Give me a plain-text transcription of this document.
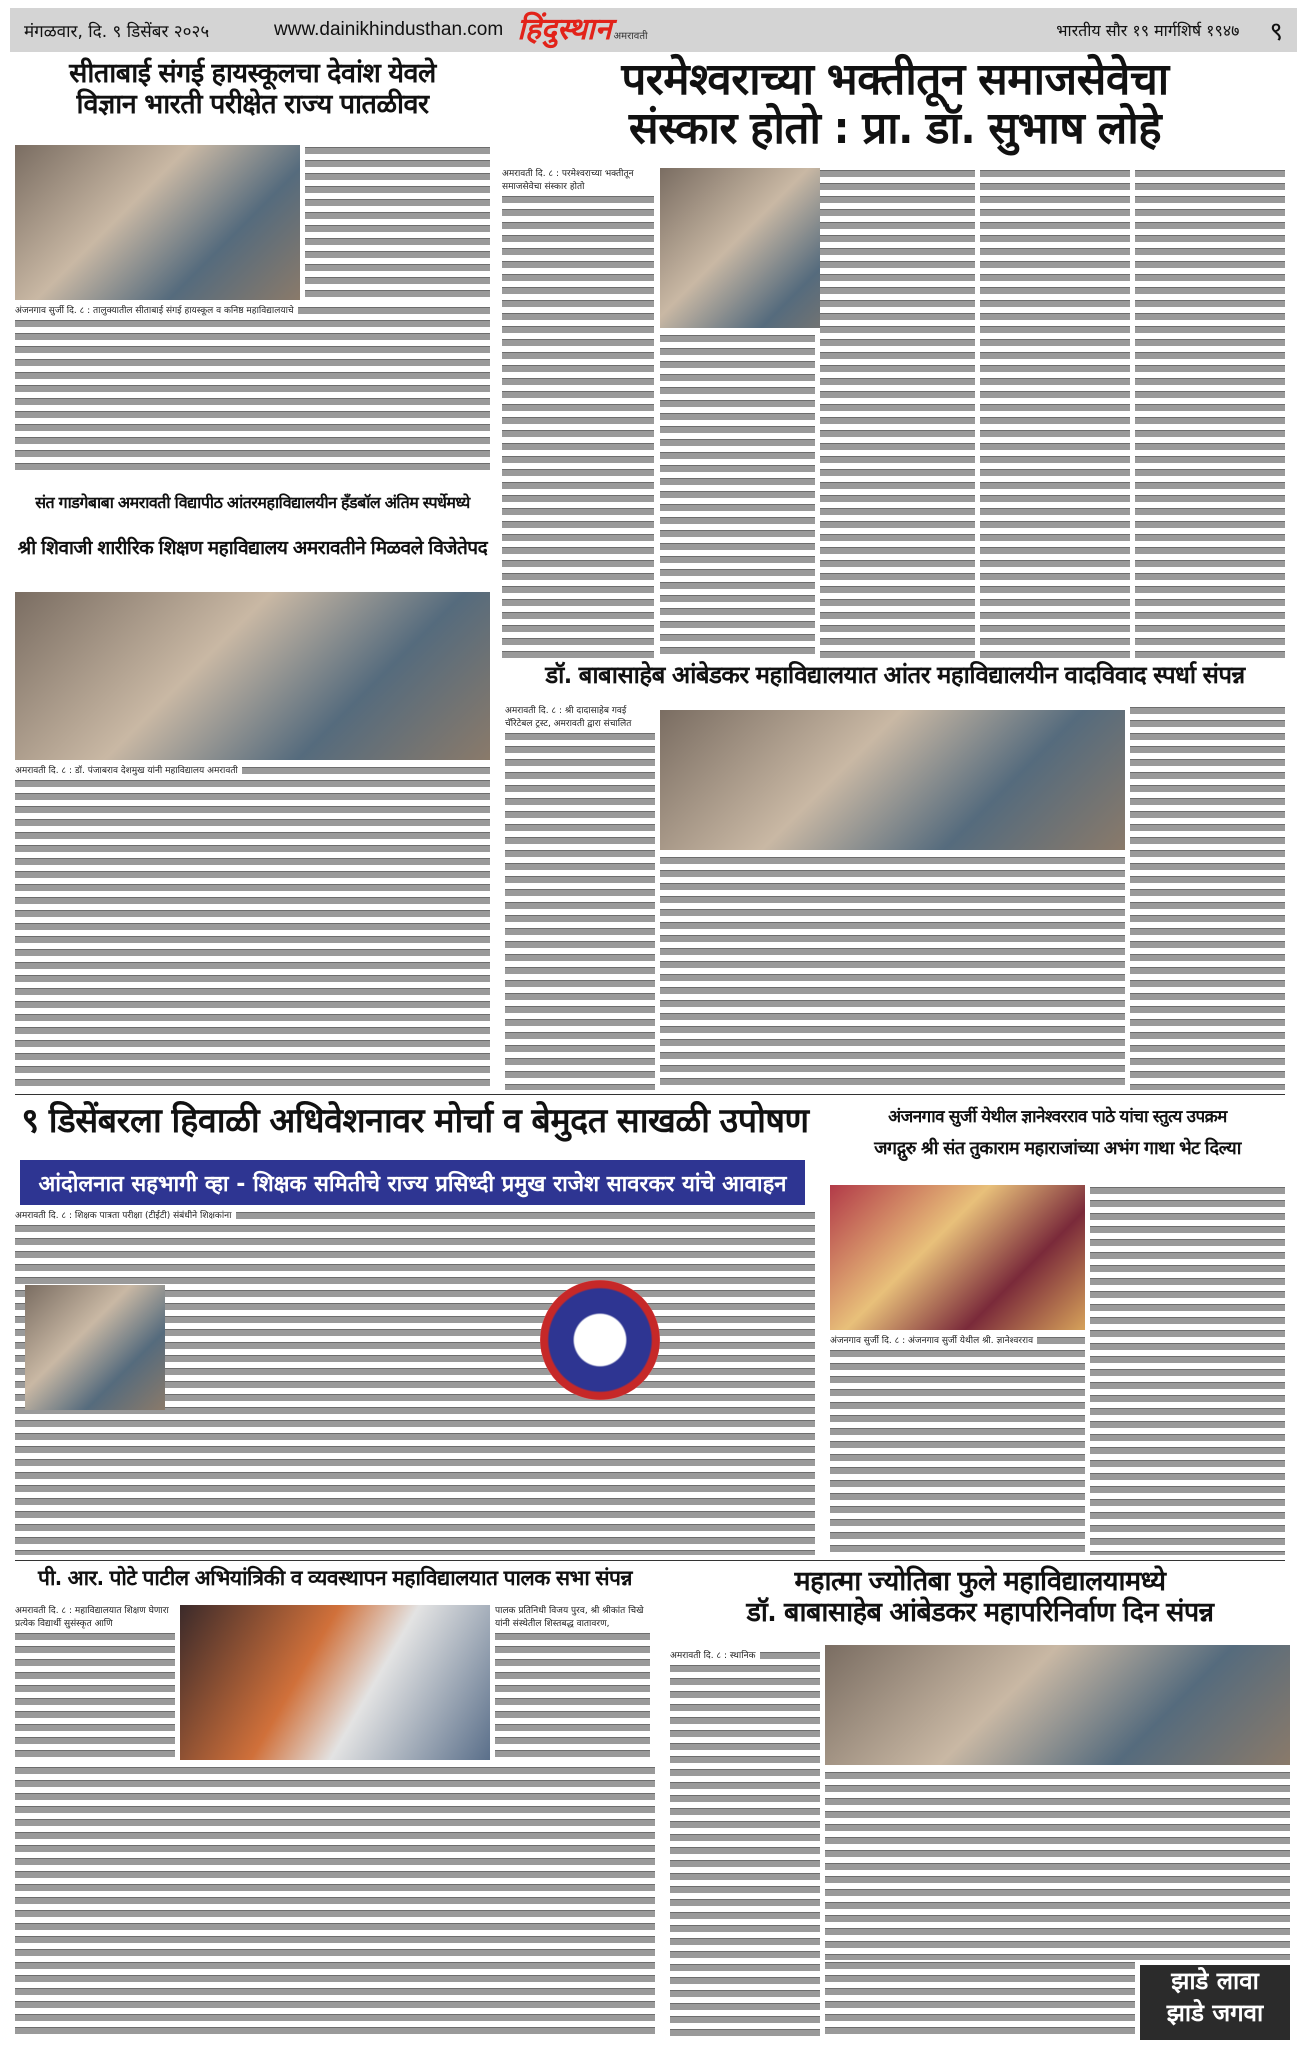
मंगळवार, दि. ९ डिसेंबर २०२५	www.dainikhindusthan.com हिंदुस्थान अमरावती	भारतीय सौर १९ मार्गशिर्ष १९४७ ९
सीताबाई संगई हायस्कूलचा देवांश येवले
विज्ञान भारती परीक्षेत राज्य पातळीवर
अंजनगाव सुर्जी दि. ८ : तालुक्यातील सीताबाई संगई हायस्कूल व कनिष्ठ महाविद्यालयाचे
परमेश्वराच्या भक्तीतून समाजसेवेचा
संस्कार होतो : प्रा. डॉ. सुभाष लोहे
अमरावती दि. ८ : परमेश्वराच्या भक्तीतून समाजसेवेचा संस्कार होतो
संत गाडगेबाबा अमरावती विद्यापीठ आंतरमहाविद्यालयीन हँडबॉल अंतिम स्पर्धेमध्ये
श्री शिवाजी शारीरिक शिक्षण महाविद्यालय अमरावतीने मिळवले विजेतेपद
अमरावती दि. ८ : डॉ. पंजाबराव देशमुख यांनी महाविद्यालय अमरावती
डॉ. बाबासाहेब आंबेडकर महाविद्यालयात आंतर महाविद्यालयीन वादविवाद स्पर्धा संपन्न
अमरावती दि. ८ : श्री दादासाहेब गवई चॅरिटेबल ट्रस्ट, अमरावती द्वारा संचालित
९ डिसेंबरला हिवाळी अधिवेशनावर मोर्चा व बेमुदत साखळी उपोषण
आंदोलनात सहभागी व्हा - शिक्षक समितीचे राज्य प्रसिध्दी प्रमुख राजेश सावरकर यांचे आवाहन
अमरावती दि. ८ : शिक्षक पात्रता परीक्षा (टीईटी) संबंधीने शिक्षकांना
अंजनगाव सुर्जी येथील ज्ञानेश्वरराव पाठे यांचा स्तुत्य उपक्रम
जगद्गुरु श्री संत तुकाराम महाराजांच्या अभंग गाथा भेट दिल्या
अंजनगाव सुर्जी दि. ८ : अंजनगाव सुर्जी येथील श्री. ज्ञानेश्वरराव
पी. आर. पोटे पाटील अभियांत्रिकी व व्यवस्थापन महाविद्यालयात पालक सभा संपन्न
अमरावती दि. ८ : महाविद्यालयात शिक्षण घेणारा प्रत्येक विद्यार्थी सुसंस्कृत आणि
पालक प्रतिनिधी विजय पुरव, श्री श्रीकांत चिखे यांनी संस्थेतील शिस्तबद्ध वातावरण,
महात्मा ज्योतिबा फुले महाविद्यालयामध्ये
डॉ. बाबासाहेब आंबेडकर महापरिनिर्वाण दिन संपन्न
अमरावती दि. ८ : स्थानिक
झाडे लावा
झाडे जगवा
